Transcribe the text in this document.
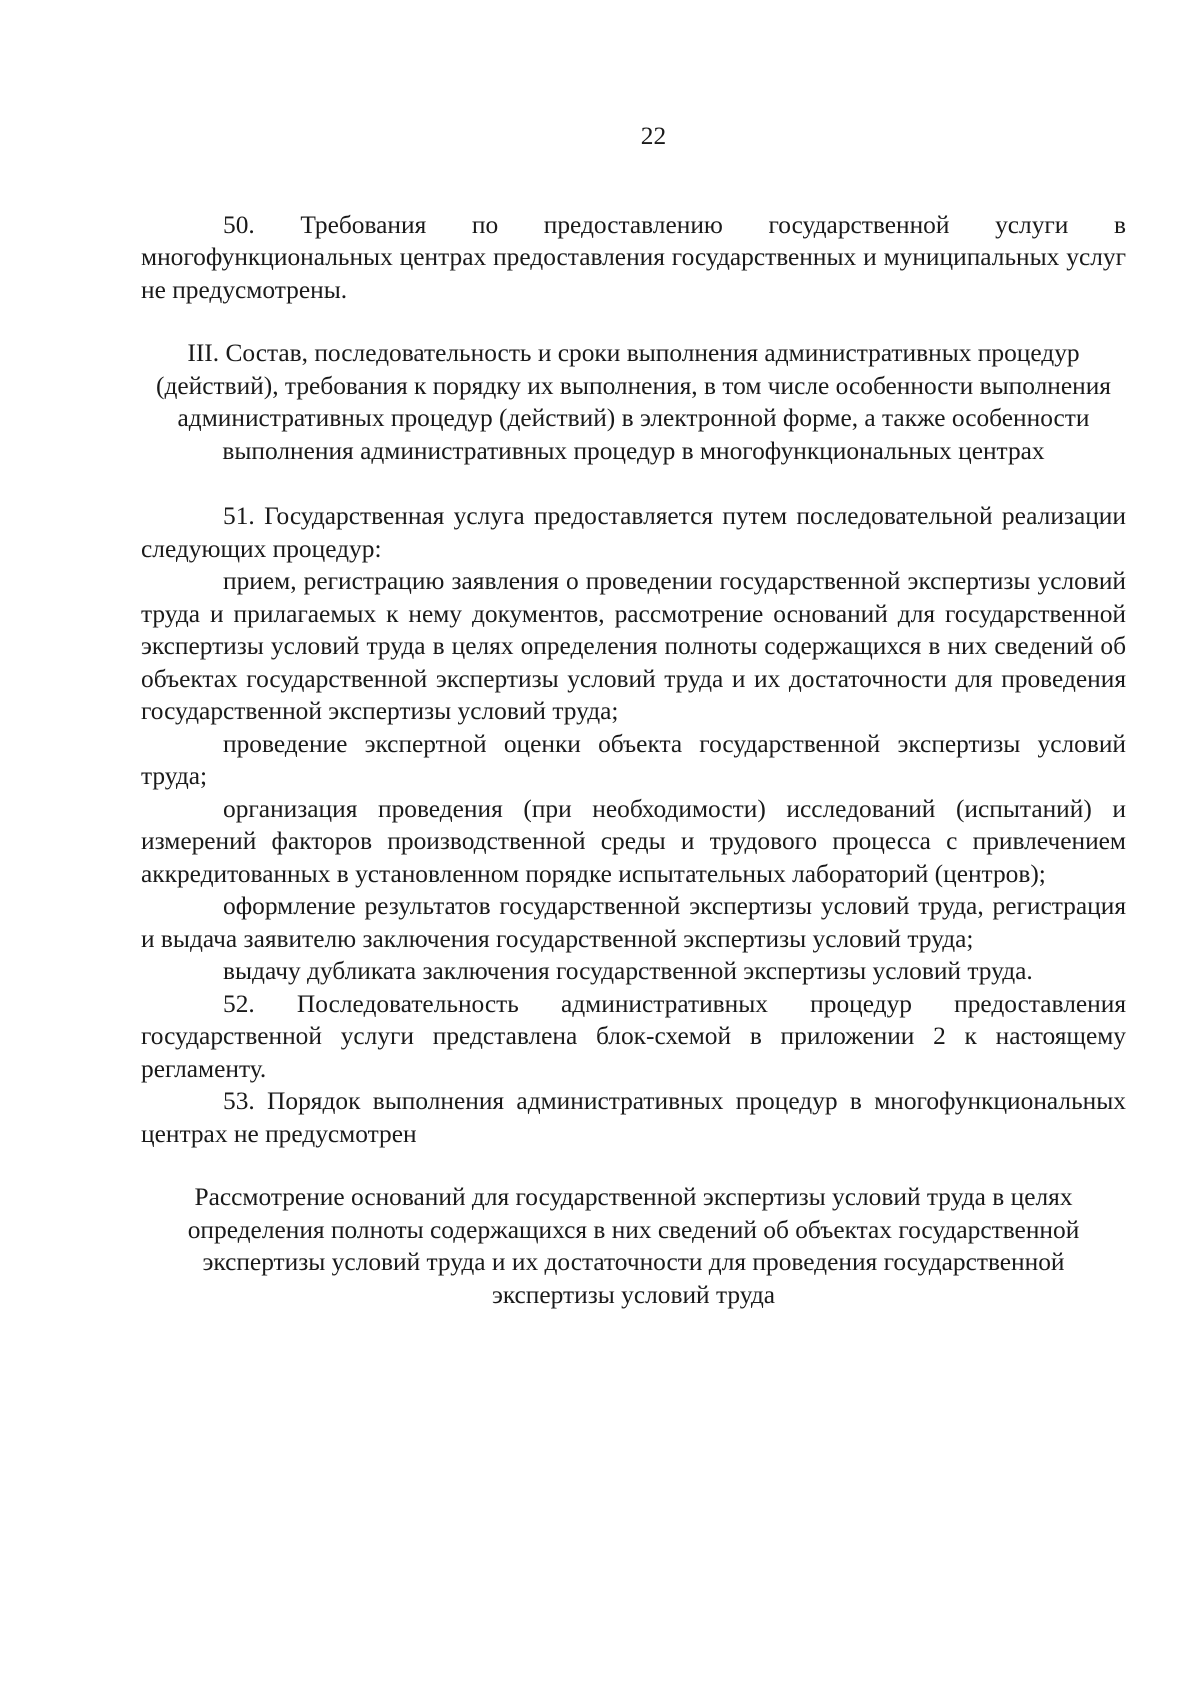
22

50. Требования по предоставлению государственной услуги в многофункциональных центрах предоставления государственных и муниципальных услуг не предусмотрены.

III. Состав, последовательность и сроки выполнения административных процедур (действий), требования к порядку их выполнения, в том числе особенности выполнения административных процедур (действий) в электронной форме, а также особенности выполнения административных процедур в многофункциональных центрах

51. Государственная услуга предоставляется путем последовательной реализации следующих процедур:

прием, регистрацию заявления о проведении государственной экспертизы условий труда и прилагаемых к нему документов, рассмотрение оснований для государственной экспертизы условий труда в целях определения полноты содержащихся в них сведений об объектах государственной экспертизы условий труда и их достаточности для проведения государственной экспертизы условий труда;

проведение экспертной оценки объекта государственной экспертизы условий труда;

организация проведения (при необходимости) исследований (испытаний) и измерений факторов производственной среды и трудового процесса с привлечением аккредитованных в установленном порядке испытательных лабораторий (центров);

оформление результатов государственной экспертизы условий труда, регистрация и выдача заявителю заключения государственной экспертизы условий труда;

выдачу дубликата заключения государственной экспертизы условий труда.

52. Последовательность административных процедур предоставления государственной услуги представлена блок-схемой в приложении 2 к настоящему регламенту.

53. Порядок выполнения административных процедур в многофункциональных центрах не предусмотрен

Рассмотрение оснований для государственной экспертизы условий труда в целях определения полноты содержащихся в них сведений об объектах государственной экспертизы условий труда и их достаточности для проведения государственной экспертизы условий труда
